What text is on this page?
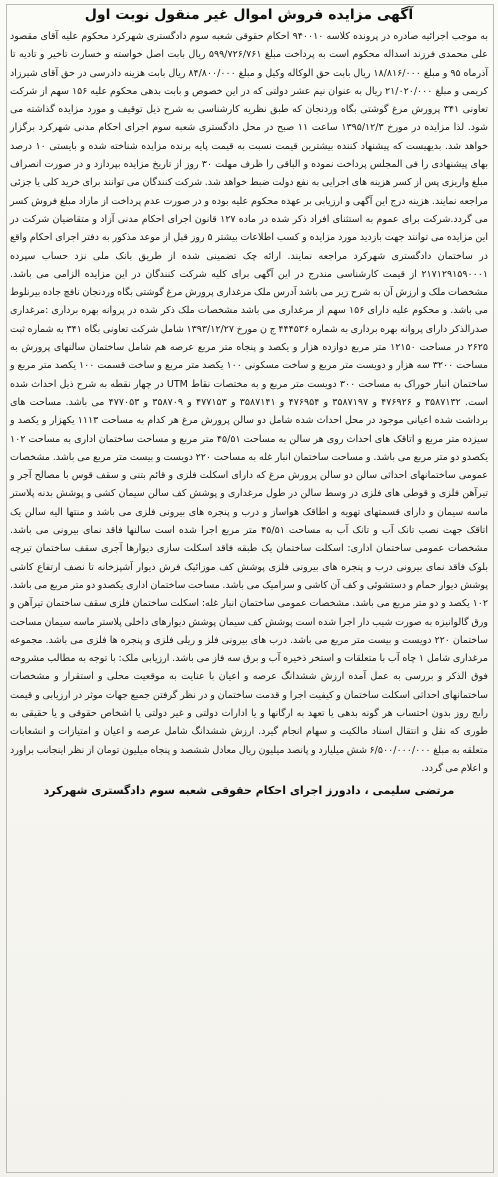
آگهی مزایده فروش اموال غیر منقول نوبت اول

به موجب اجرائیه صادره در پرونده کلاسه ۹۴۰۰۱۰ احکام حقوقی شعبه سوم دادگستری شهرکرد محکوم علیه آقای مقصود علی محمدی فرزند اسداله محکوم است به پرداخت مبلغ ۵۹۹/۷۲۶/۷۶۱ ریال بابت اصل خواسته و خسارت تاخیر و تادیه تا آذرماه ۹۵ و مبلغ ۱۸/۸۱۶/۰۰۰ ریال بابت حق الوکاله وکیل و مبلغ ۸۴/۸۰۰/۰۰۰ ریال بابت هزینه دادرسی در حق آقای شیرزاد کریمی و مبلغ ۲۱/۰۲۰/۰۰۰ ریال به عنوان نیم عشر دولتی که در این خصوص و بابت بدهی محکوم علیه ۱۵۶ سهم از شرکت تعاونی ۳۴۱ پرورش مرغ گوشتی بگاه وردنجان که طبق نظریه کارشناسی به شرح ذیل توقیف و مورد مزایده گذاشته می شود. لذا مزایده در مورخ ۱۳۹۵/۱۲/۳ ساعت ۱۱ صبح در محل دادگستری شعبه سوم اجرای احکام مدنی شهرکرد برگزار خواهد شد. بدیهیست که پیشنهاد کننده بیشترین قیمت نسبت به قیمت پایه برنده مزایده شناخته شده و بایستی ۱۰ درصد بهای پیشنهادی را فی المجلس پرداخت نموده و الباقی را ظرف مهلت ۳۰ روز از تاریخ مزایده بپردازد و در صورت انصراف مبلغ واریزی پس از کسر هزینه های اجرایی به نفع دولت ضبط خواهد شد. شرکت کنندگان می توانند برای خرید کلی یا جزئی مراجعه نمایند. هزینه درج این آگهی و ارزیابی بر عهده محکوم علیه بوده و در صورت عدم پرداخت از مازاد مبلغ فروش کسر می گردد.شرکت برای عموم به استثنای افراد ذکر شده در ماده ۱۲۷ قانون اجرای احکام مدنی آزاد و متقاضیان شرکت در این مزایده می توانند جهت بازدید مورد مزایده و کسب اطلاعات بیشتر ۵ روز قبل از موعد مذکور به دفتر اجرای احکام واقع در ساختمان دادگستری شهرکرد مراجعه نمایند. ارائه چک تضمینی شده از طریق بانک ملی نزد حساب سپرده ۲۱۷۱۲۹۱۵۹۰۰۰۱ از قیمت کارشناسی مندرج در این آگهی برای کلیه شرکت کنندگان در این مزایده الزامی می باشد. مشخصات ملک و ارزش آن به شرح زیر می باشد آدرس ملک مرغداری پرورش مرغ گوشتی بگاه وردنجان نافچ جاده بیرنلوط می باشد. و محکوم علیه دارای ۱۵۶ سهم از مرغداری می باشد مشخصات ملک ذکر شده در پروانه بهره برداری :مرغداری صدرالذکر دارای پروانه بهره برداری به شماره ۴۴۴۵۳۶ ج ن مورخ ۱۳۹۳/۱۲/۲۷ شامل شرکت تعاونی بگاه ۳۴۱ به شماره ثبت ۲۶۲۵ در مساحت ۱۲۱۵۰ متر مربع دوازده هزار و یکصد و پنجاه متر مربع عرصه هم شامل ساختمان سالنهای پرورش به مساحت ۳۲۰۰ سه هزار و دویست متر مربع و ساخت مسکونی ۱۰۰ یکصد متر مربع و ساخت قسمت ۱۰۰ یکصد متر مربع و ساختمان انبار خوراک به مساحت ۳۰۰ دویست متر مربع و به مختصات نقاط UTM در چهار نقطه به شرح ذیل احداث شده است. ۳۵۸۷۱۳۲ و ۴۷۶۹۲۶ و ۳۵۸۷۱۹۷ و ۴۷۶۹۵۴ و ۳۵۸۷۱۴۱ و ۴۷۷۱۵۳ و ۳۵۸۷۰۹ و ۴۷۷۰۵۳ می باشد. مساحت های برداشت شده اعیانی موجود در محل احداث شده شامل دو سالن پرورش مرغ هر کدام به مساحت ۱۱۱۳ یکهزار و یکصد و سیزده متر مربع و اتاقک های احداث روی هر سالن به مساحت ۴۵/۵۱ متر مربع و مساحت ساختمان اداری به مساحت ۱۰۲ یکصدو دو متر مربع می باشد. و مساحت ساختمان انبار غله به مساحت ۲۲۰ دویست و بیست متر مربع می باشد. مشخصات عمومی ساختمانهای احداثی سالن دو سالن پرورش مرغ که دارای اسکلت فلزی و قائم بتنی و سقف قوس با مصالح آجر و تیرآهن فلزی و قوطی های فلزی در وسط سالن در طول مرغداری و پوشش کف سالن سیمان کشی و پوشش بدنه پلاستر ماسه سیمان و دارای قسمتهای تهویه و اطاقک هواساز و درب و پنجره های بیرونی فلزی می باشد و منتها الیه سالن یک اتاقک جهت نصب تانک آب و تانک آب به مساحت ۴۵/۵۱ متر مربع اجرا شده است سالنها فاقد نمای بیرونی می باشد. مشخصات عمومی ساختمان اداری: اسکلت ساختمان یک طبقه فاقد اسکلت سازی دیوارها آجری سقف ساختمان تیرچه بلوک فاقد نمای بیرونی درب و پنجره های بیرونی فلزی پوشش کف موزائیک فرش دیوار آشپزخانه تا نصف ارتفاع کاشی پوشش دیوار حمام و دستشوئی و کف آن کاشی و سرامیک می باشد. مساحت ساختمان اداری یکصدو دو متر مربع می باشد. ۱۰۲ یکصد و دو متر مربع می باشد. مشخصات عمومی ساختمان انبار غله: اسکلت ساختمان فلزی سقف ساختمان تیرآهن و ورق گالوانیزه به صورت شیب دار اجرا شده است پوشش کف سیمان پوشش دیوارهای داخلی پلاستر ماسه سیمان مساحت ساختمان ۲۲۰ دویست و بیست متر مربع می باشد. درب های بیرونی فلز و ریلی فلزی و پنجره ها فلزی می باشد. مجموعه مرغداری شامل ۱ چاه آب با متعلقات و استخر ذخیره آب و برق سه فاز می باشد. ارزیابی ملک: با توجه به مطالب مشروحه فوق الذکر و بررسی به عمل آمده ارزش ششدانگ عرصه و اعیان با عنایت به موقعیت محلی و استقرار و مشخصات ساختمانهای احداثی اسکلت ساختمان و کیفیت اجرا و قدمت ساختمان و در نظر گرفتن جمیع جهات موثر در ارزیابی و قیمت رایج روز بدون احتساب هر گونه بدهی یا تعهد به ارگانها و یا ادارات دولتی و غیر دولتی یا اشخاص حقوقی و یا حقیقی به طوری که نقل و انتقال اسناد مالکیت و سهام انجام گیرد. ارزش ششدانگ شامل عرصه و اعیان و امتیازات و انشعابات متعلقه به مبلغ ۶/۵۰۰/۰۰۰/۰۰۰ شش میلیارد و پانصد میلیون ریال معادل ششصد و پنجاه میلیون تومان از نظر اینجانب براورد و اعلام می گردد.

مرتضی سلیمی ، دادورز اجرای احکام حقوقی شعبه سوم دادگستری شهرکرد
